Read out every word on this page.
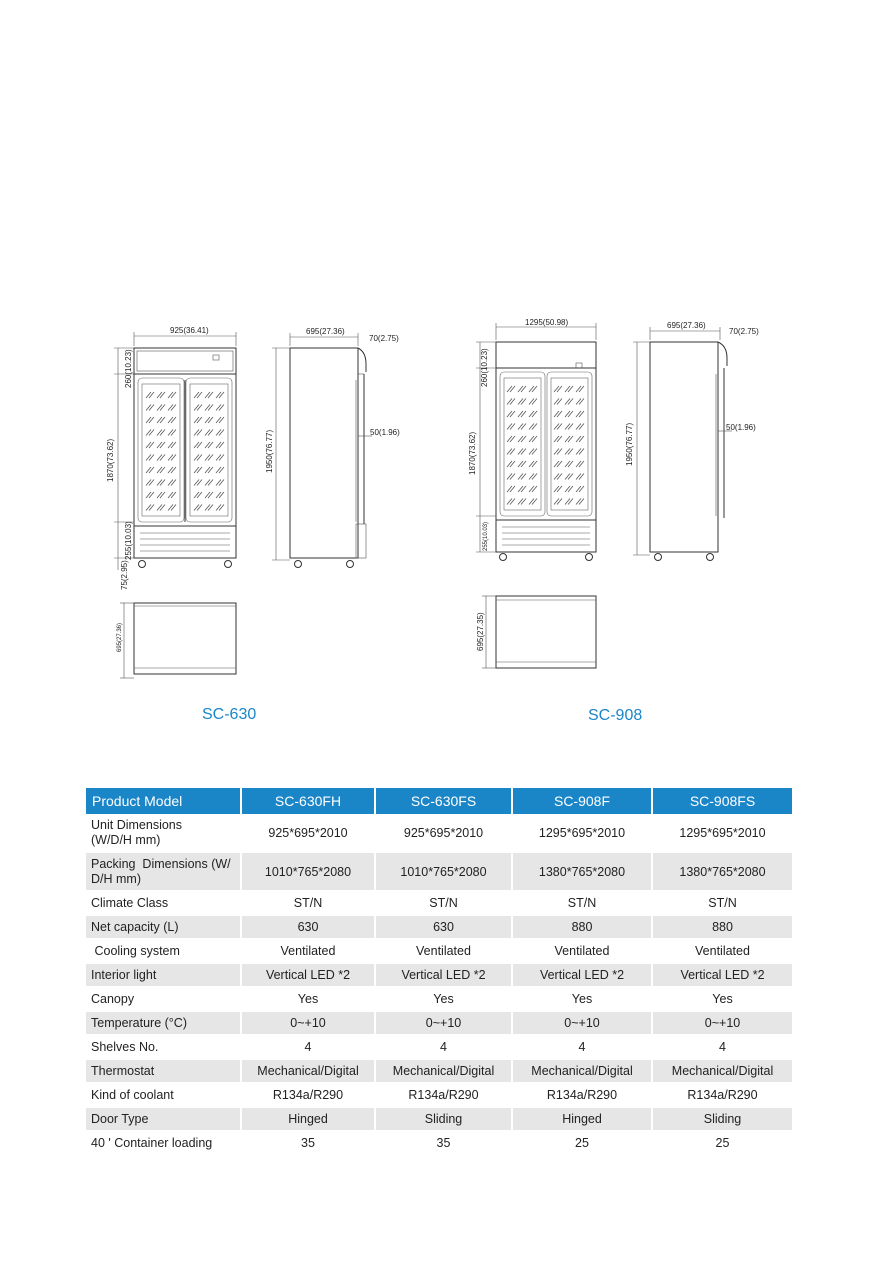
925(36.41)
260(10.23)
1870(73.62)
255(10.03)
75(2.95)
695(27.36)
70(2.75)
50(1.96)
1950(76.77)
695(27.36)
1295(50.98)
260(10.23)
1870(73.62)
255(10.03)
695(27.36)
70(2.75)
50(1.96)
1950(76.77)
695(27.35)
SC-630	SC-908
Product Model	SC-630FH	SC-630FS	SC-908F	SC-908FS

Unit Dimensions
(W/D/H mm)	925*695*2010	925*695*2010	1295*695*2010	1295*695*2010

Packing  Dimensions (W/
D/H mm)	1010*765*2080	1010*765*2080	1380*765*2080	1380*765*2080

Climate Class	ST/N	ST/N	ST/N	ST/N

Net capacity (L)	630	630	880	880

Cooling system	Ventilated	Ventilated	Ventilated	Ventilated

Interior light	Vertical LED *2	Vertical LED *2	Vertical LED *2	Vertical LED *2

Canopy	Yes	Yes	Yes	Yes

Temperature (°C)	0~+10	0~+10	0~+10	0~+10

Shelves No.	4	4	4	4

Thermostat	Mechanical/Digital	Mechanical/Digital	Mechanical/Digital	Mechanical/Digital

Kind of coolant	R134a/R290	R134a/R290	R134a/R290	R134a/R290

Door Type	Hinged	Sliding	Hinged	Sliding

40 ' Container loading	35	35	25	25
